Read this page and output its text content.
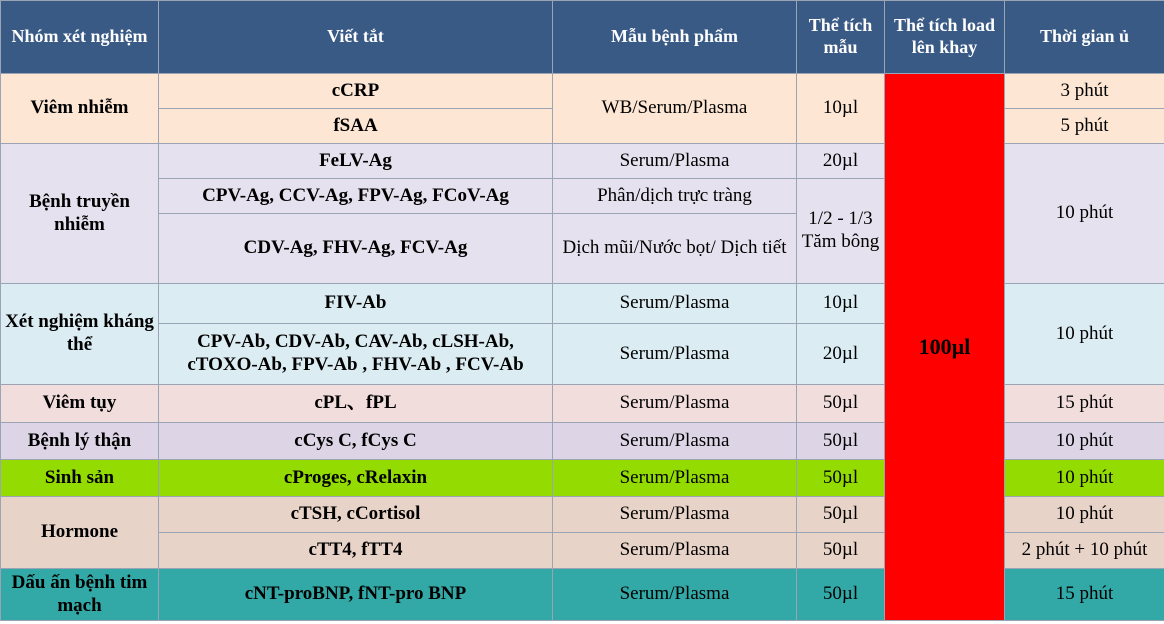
Nhóm xét nghiệm	Viết tắt	Mẫu bệnh phẩm	Thể tích mẫu	Thể tích load lên khay	Thời gian ủ
Viêm nhiễm	cCRP	WB/Serum/Plasma	10µl	100µl	3 phút
	fSAA				5 phút
Bệnh truyền nhiễm	FeLV-Ag	Serum/Plasma	20µl		10 phút
	CPV-Ag, CCV-Ag, FPV-Ag, FCoV-Ag	Phân/dịch trực tràng	1/2 - 1/3 Tăm bông		
	CDV-Ag, FHV-Ag, FCV-Ag	Dịch mũi/Nước bọt/ Dịch tiết			
Xét nghiệm kháng thể	FIV-Ab	Serum/Plasma	10µl		10 phút
	CPV-Ab, CDV-Ab, CAV-Ab, cLSH-Ab, cTOXO-Ab, FPV-Ab , FHV-Ab , FCV-Ab	Serum/Plasma	20µl		
Viêm tụy	cPL、fPL	Serum/Plasma	50µl		15 phút
Bệnh lý thận	cCys C, fCys C	Serum/Plasma	50µl		10 phút
Sinh sản	cProges, cRelaxin	Serum/Plasma	50µl		10 phút
Hormone	cTSH, cCortisol	Serum/Plasma	50µl		10 phút
	cTT4, fTT4	Serum/Plasma	50µl		2 phút + 10 phút
Dấu ấn bệnh tim mạch	cNT-proBNP, fNT-pro BNP	Serum/Plasma	50µl		15 phút
